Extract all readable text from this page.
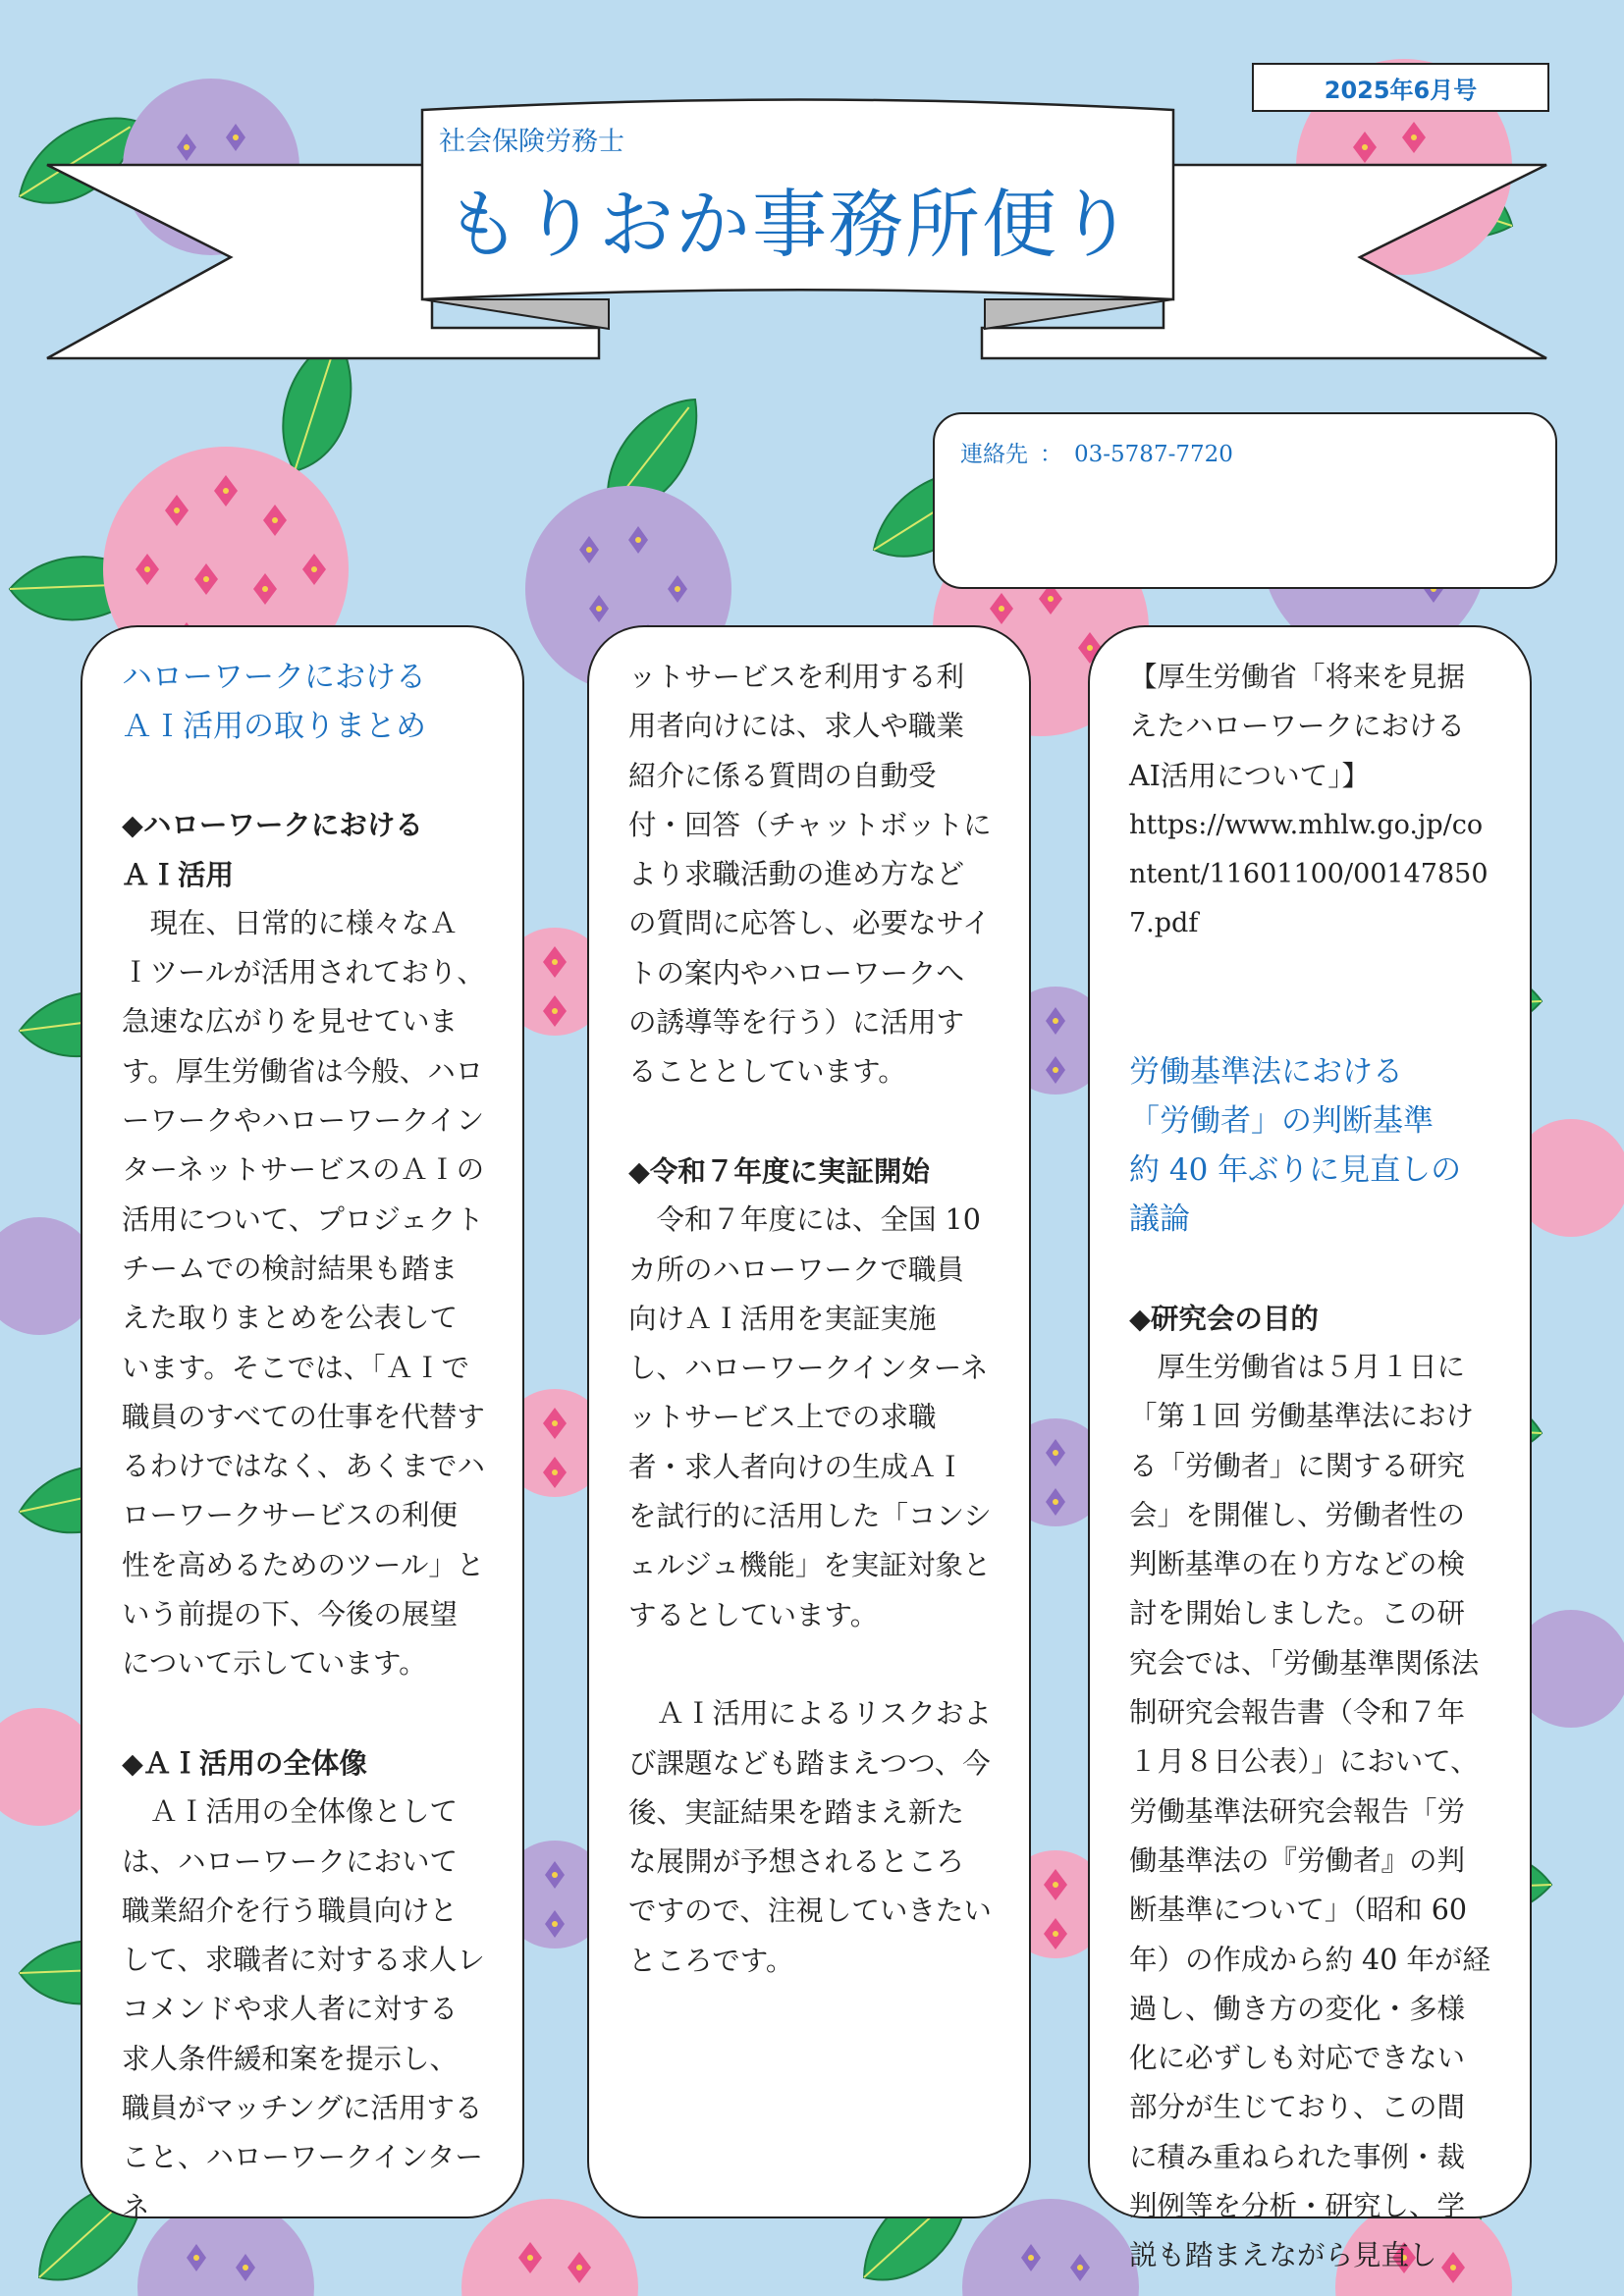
2025年6月号
社会保険労務士
もりおか事務所便り
連絡先 ： 03-5787-7720
ハローワークにおける
ＡＩ活用の取りまとめ
◆ハローワークにおける
ＡＩ活用
　現在、日常的に様々なＡＩツールが活用されており、急速な広がりを見せています。厚生労働省は今般、ハローワークやハローワークインターネットサービスのＡＩの活用について、プロジェクトチームでの検討結果も踏まえた取りまとめを公表しています。そこでは、「ＡＩで職員のすべての仕事を代替するわけではなく、あくまでハローワークサービスの利便性を高めるためのツール」という前提の下、今後の展望について示しています。
◆ＡＩ活用の全体像
　ＡＩ活用の全体像としては、ハローワークにおいて職業紹介を行う職員向けとして、求職者に対する求人レコメンドや求人者に対する求人条件緩和案を提示し、職員がマッチングに活用すること、ハローワークインターネ
ットサービスを利用する利用者向けには、求人や職業紹介に係る質問の自動受付・回答（チャットボットにより求職活動の進め方などの質問に応答し、必要なサイトの案内やハローワークへの誘導等を行う）に活用することとしています。
◆令和７年度に実証開始
　令和７年度には、全国 10カ所のハローワークで職員向けＡＩ活用を実証実施し、ハローワークインターネットサービス上での求職者・求人者向けの生成ＡＩを試行的に活用した「コンシェルジュ機能」を実証対象とするとしています。
　ＡＩ活用によるリスクおよび課題なども踏まえつつ、今後、実証結果を踏まえ新たな展開が予想されるところですので、注視していきたいところです。
【厚生労働省「将来を見据えたハローワークにおけるAI活用について」】
https://www.mhlw.go.jp/content/11601100/001478507.pdf
労働基準法における
「労働者」の判断基準
約 40 年ぶりに見直しの
議論
◆研究会の目的
　厚生労働省は５月１日に「第１回 労働基準法における「労働者」に関する研究会」を開催し、労働者性の判断基準の在り方などの検討を開始しました。この研究会では、「労働基準関係法制研究会報告書（令和７年１月８日公表）」において、労働基準法研究会報告「労働基準法の『労働者』の判断基準について」（昭和 60 年）の作成から約 40 年が経過し、働き方の変化・多様化に必ずしも対応できない部分が生じており、この間に積み重ねられた事例・裁判例等を分析・研究し、学説も踏まえながら見直し
